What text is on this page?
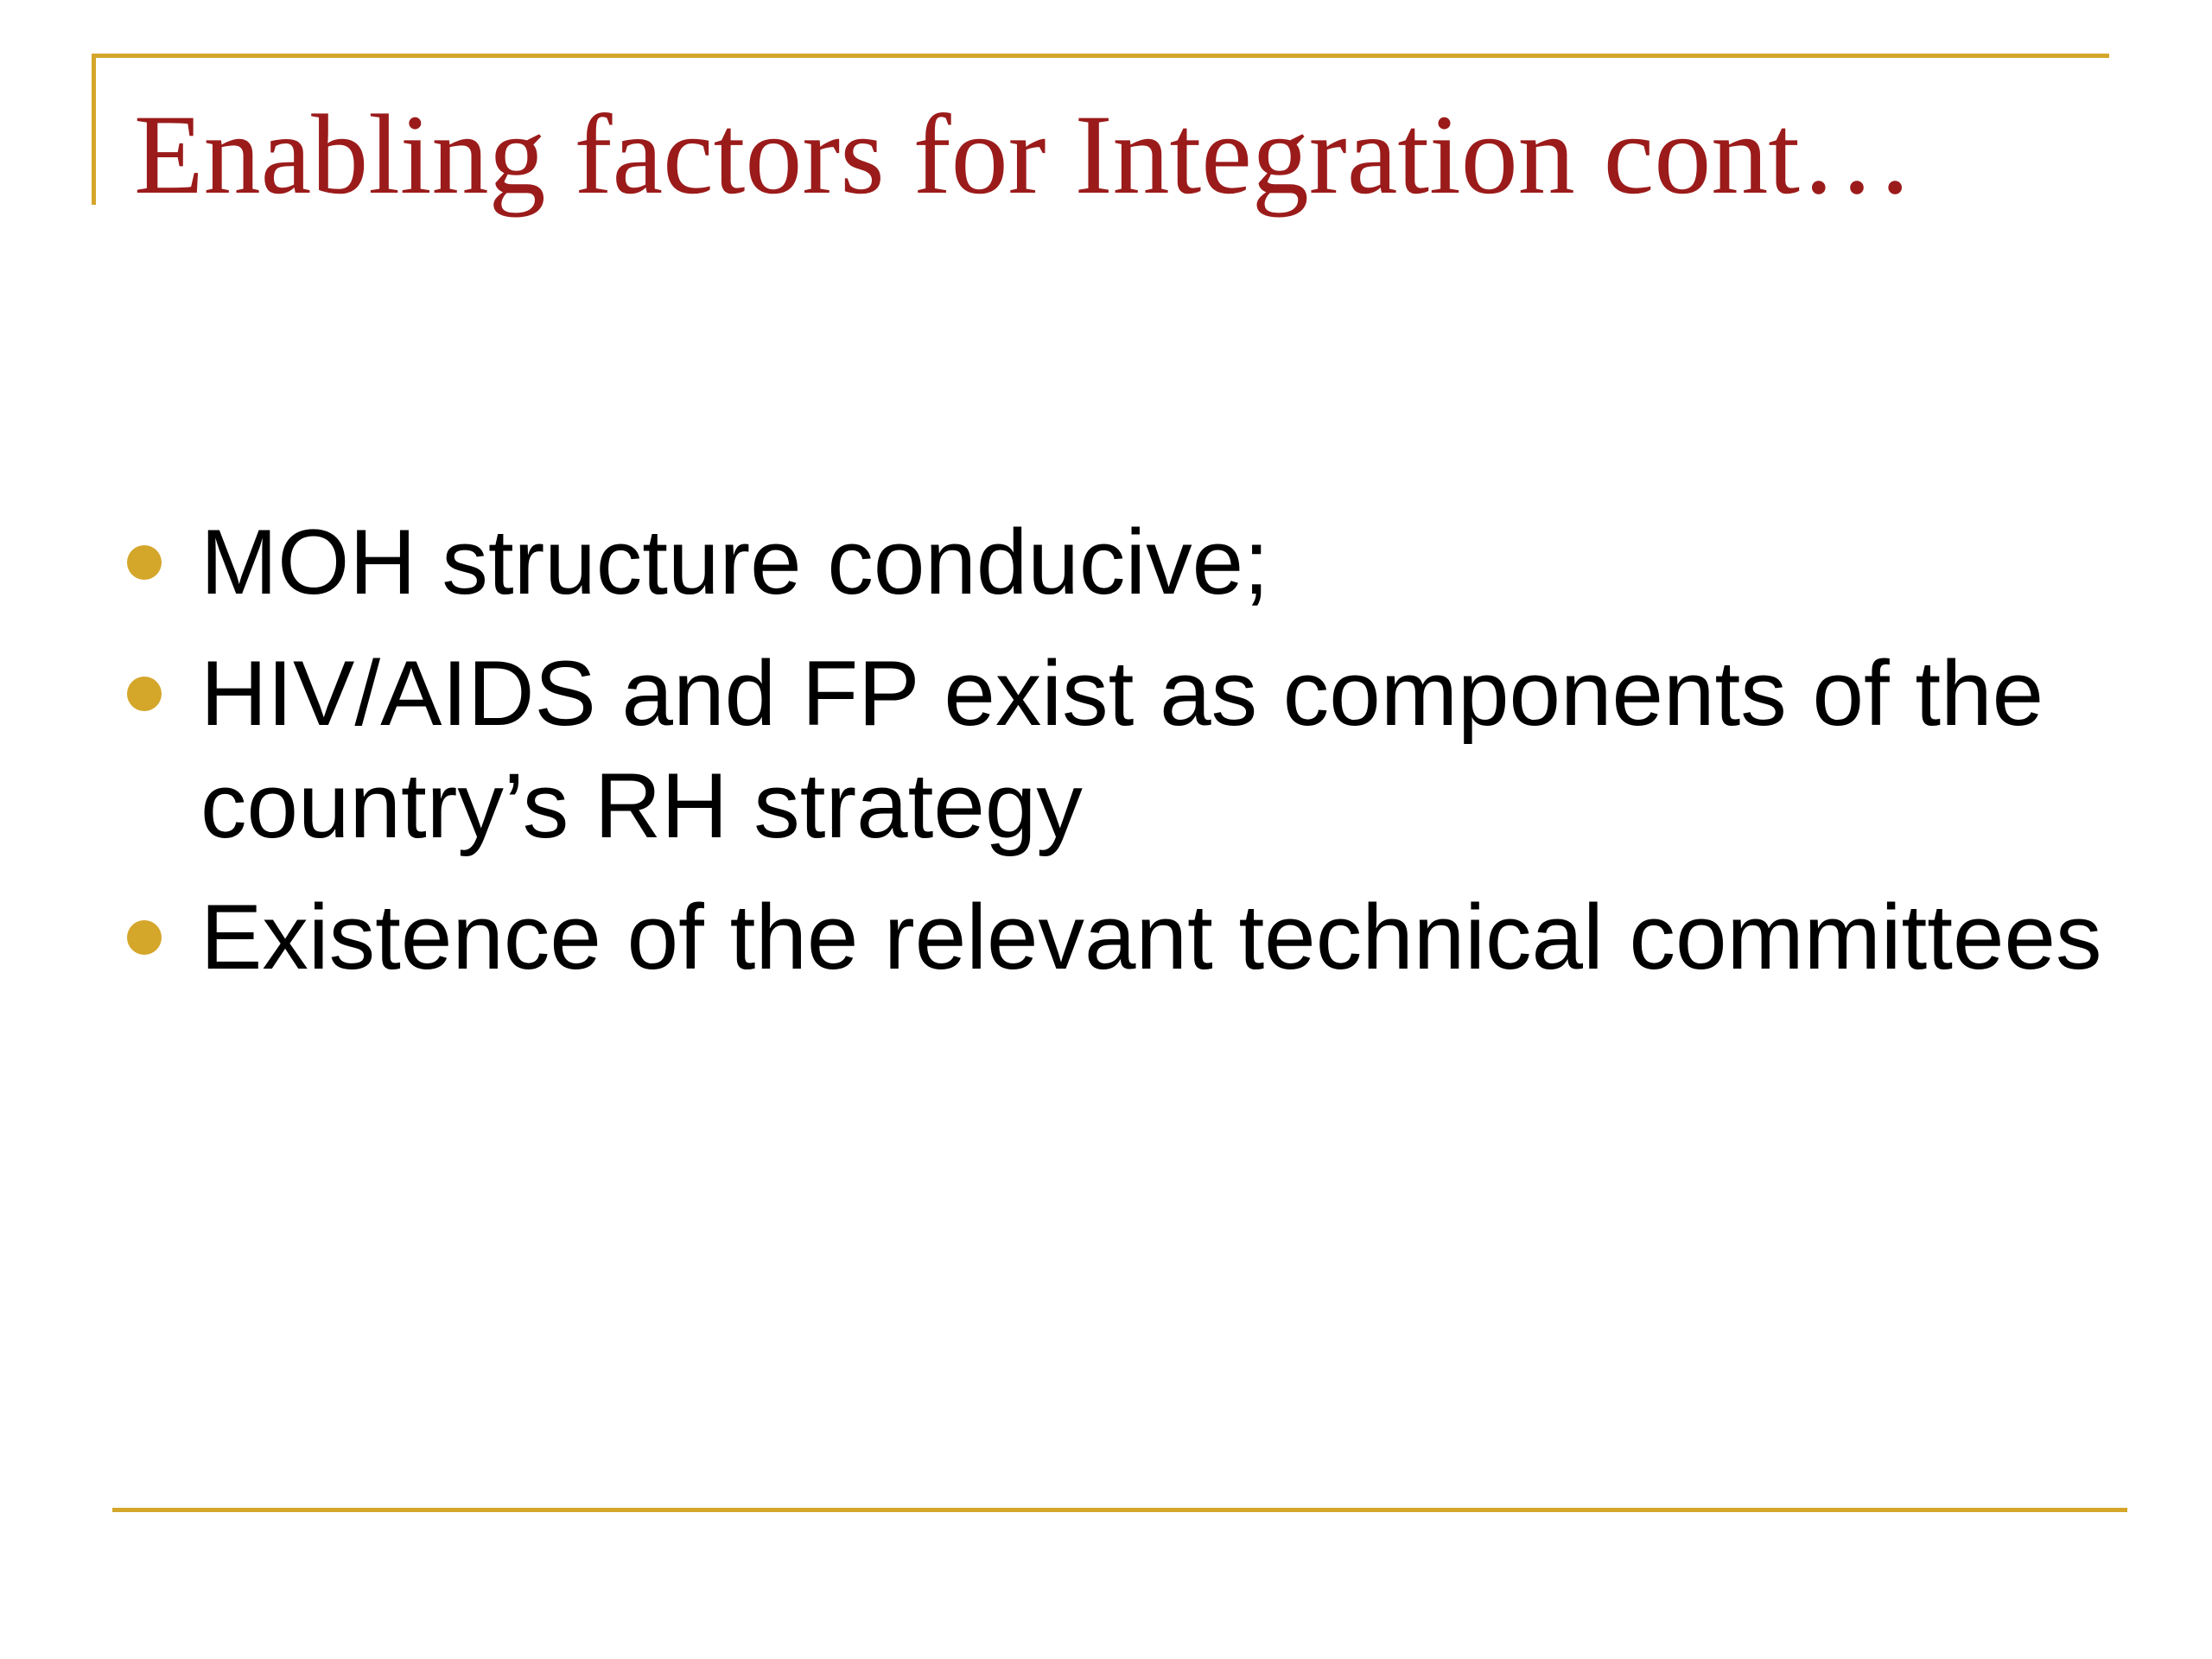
Enabling factors for Integration cont…
MOH structure conducive;
HIV/AIDS and FP exist as components of the country’s RH strategy
Existence of the relevant technical committees
